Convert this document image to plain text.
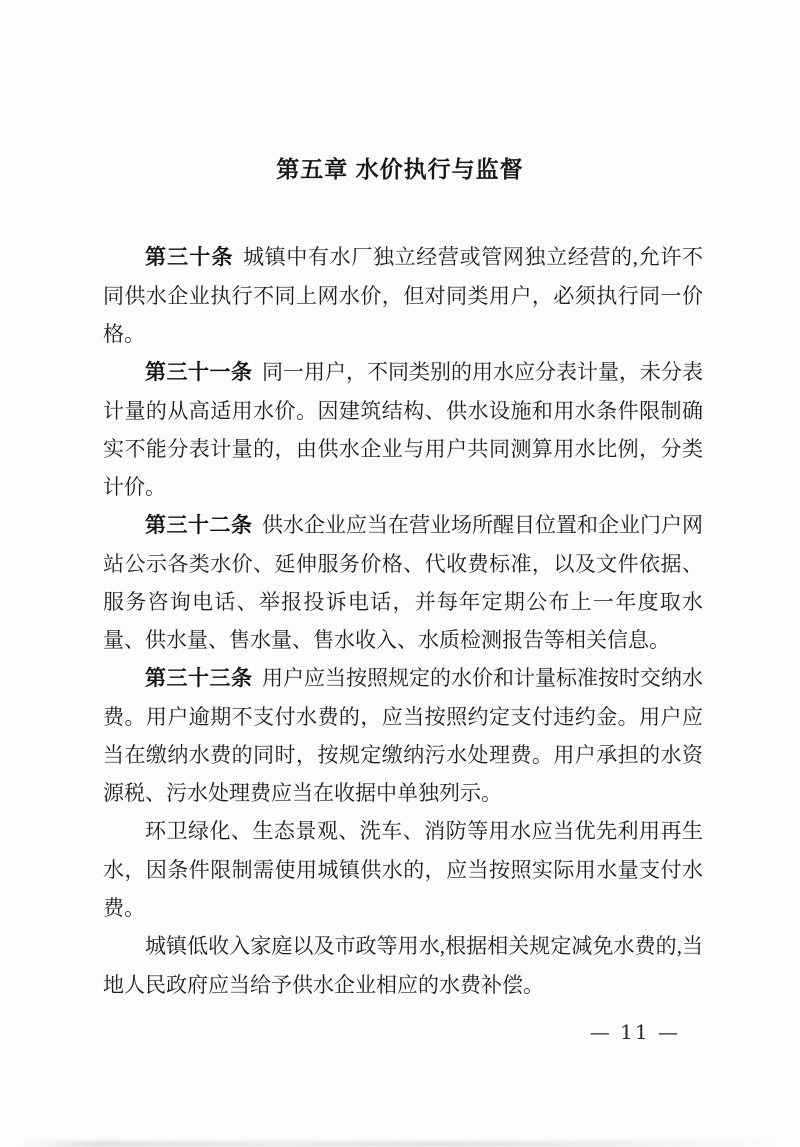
第五章 水价执行与监督

第三十条 城镇中有水厂独立经营或管网独立经营的,允许不同供水企业执行不同上网水价，但对同类用户，必须执行同一价格。

第三十一条 同一用户，不同类别的用水应分表计量，未分表计量的从高适用水价。因建筑结构、供水设施和用水条件限制确实不能分表计量的，由供水企业与用户共同测算用水比例，分类计价。

第三十二条 供水企业应当在营业场所醒目位置和企业门户网站公示各类水价、延伸服务价格、代收费标准，以及文件依据、服务咨询电话、举报投诉电话，并每年定期公布上一年度取水量、供水量、售水量、售水收入、水质检测报告等相关信息。

第三十三条 用户应当按照规定的水价和计量标准按时交纳水费。用户逾期不支付水费的，应当按照约定支付违约金。用户应当在缴纳水费的同时，按规定缴纳污水处理费。用户承担的水资源税、污水处理费应当在收据中单独列示。

环卫绿化、生态景观、洗车、消防等用水应当优先利用再生水，因条件限制需使用城镇供水的，应当按照实际用水量支付水费。

城镇低收入家庭以及市政等用水,根据相关规定减免水费的,当地人民政府应当给予供水企业相应的水费补偿。

— 11 —
